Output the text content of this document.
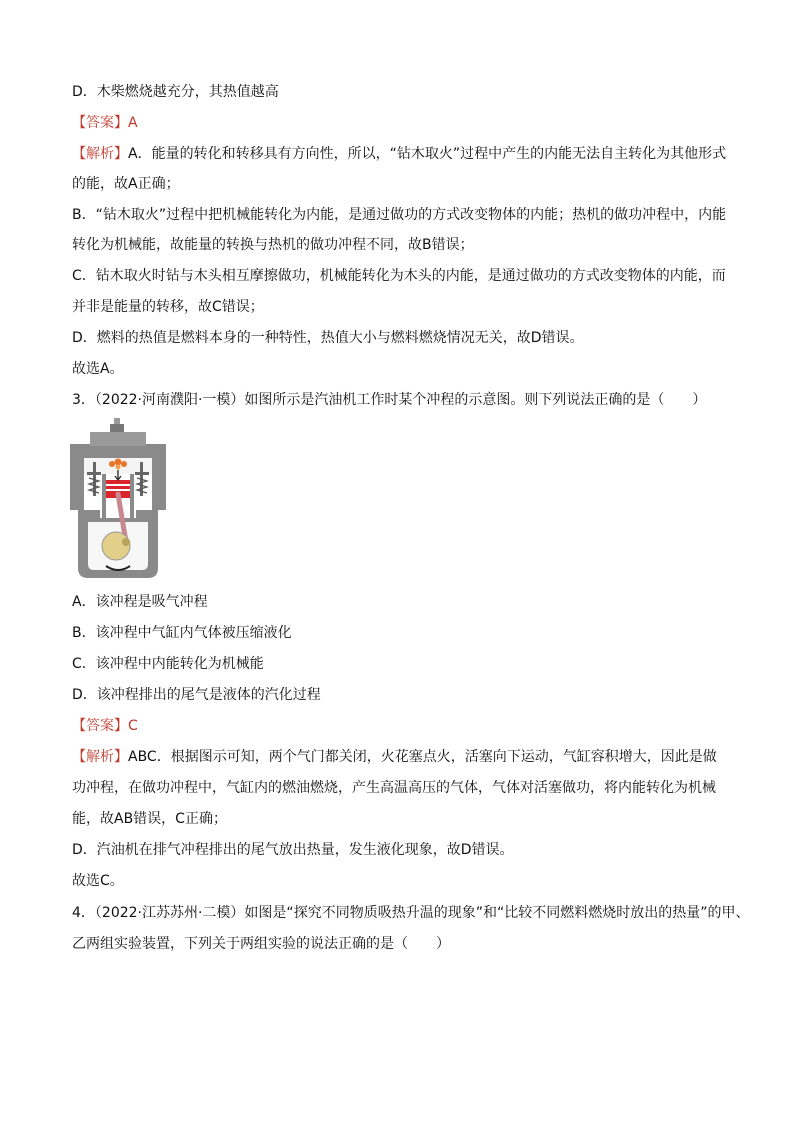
D．木柴燃烧越充分，其热值越高
【答案】A
【解析】A．能量的转化和转移具有方向性，所以，“钻木取火”过程中产生的内能无法自主转化为其他形式
的能，故A正确；
B．“钻木取火”过程中把机械能转化为内能，是通过做功的方式改变物体的内能；热机的做功冲程中，内能
转化为机械能，故能量的转换与热机的做功冲程不同，故B错误；
C．钻木取火时钻与木头相互摩擦做功，机械能转化为木头的内能，是通过做功的方式改变物体的内能，而
并非是能量的转移，故C错误；
D．燃料的热值是燃料本身的一种特性，热值大小与燃料燃烧情况无关，故D错误。
故选A。
3．（2022·河南濮阳·一模）如图所示是汽油机工作时某个冲程的示意图。则下列说法正确的是（　　）
A．该冲程是吸气冲程
B．该冲程中气缸内气体被压缩液化
C．该冲程中内能转化为机械能
D．该冲程排出的尾气是液体的汽化过程
【答案】C
【解析】ABC．根据图示可知，两个气门都关闭，火花塞点火，活塞向下运动，气缸容积增大，因此是做
功冲程，在做功冲程中，气缸内的燃油燃烧，产生高温高压的气体，气体对活塞做功，将内能转化为机械
能，故AB错误，C正确；
D．汽油机在排气冲程排出的尾气放出热量，发生液化现象，故D错误。
故选C。
4．（2022·江苏苏州·二模）如图是“探究不同物质吸热升温的现象”和“比较不同燃料燃烧时放出的热量”的甲、
乙两组实验装置，下列关于两组实验的说法正确的是（　　）
